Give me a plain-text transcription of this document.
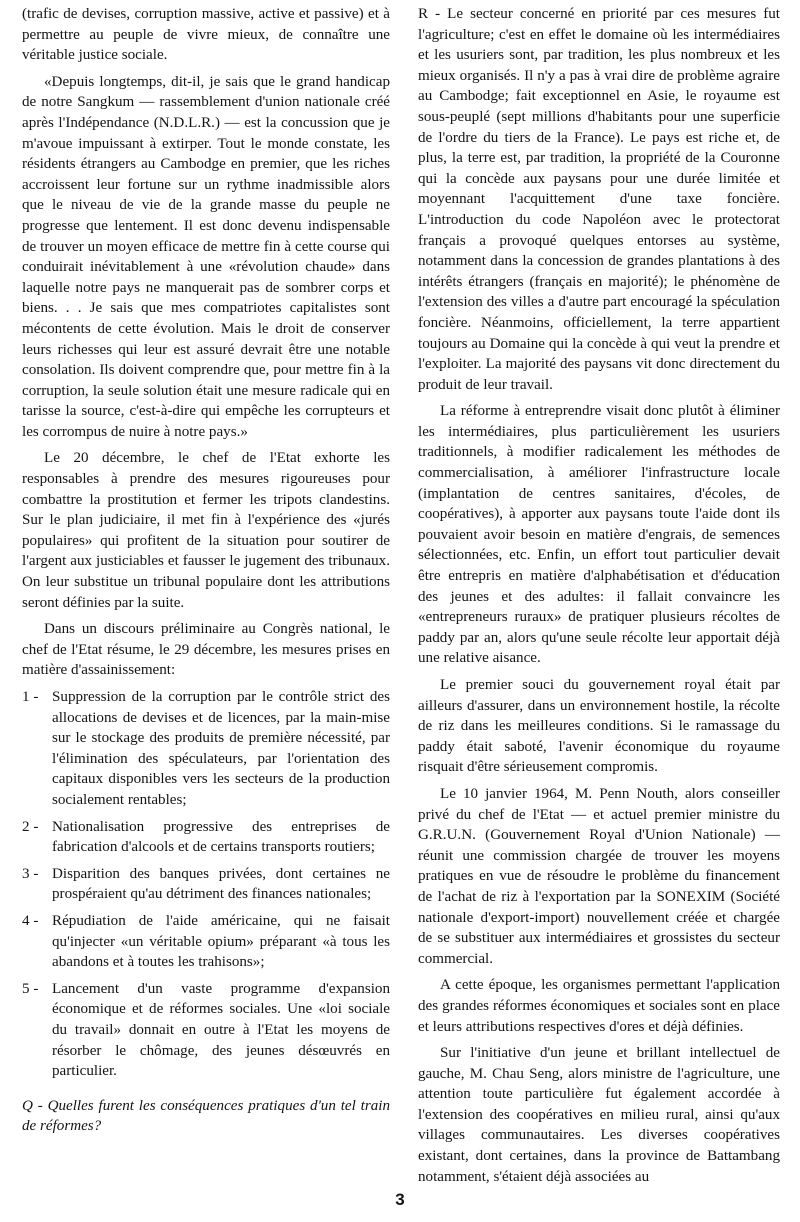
(trafic de devises, corruption massive, active et passive) et à permettre au peuple de vivre mieux, de connaître une véritable justice sociale.

«Depuis longtemps, dit-il, je sais que le grand handicap de notre Sangkum — rassemblement d'union nationale créé après l'Indépendance (N.D.L.R.) — est la concussion que je m'avoue impuissant à extirper. Tout le monde constate, les résidents étrangers au Cambodge en premier, que les riches accroissent leur fortune sur un rythme inadmissible alors que le niveau de vie de la grande masse du peuple ne progresse que lentement. Il est donc devenu indispensable de trouver un moyen efficace de mettre fin à cette course qui conduirait inévitablement à une «révolution chaude» dans laquelle notre pays ne manquerait pas de sombrer corps et biens. . . Je sais que mes compatriotes capitalistes sont mécontents de cette évolution. Mais le droit de conserver leurs richesses qui leur est assuré devrait être une notable consolation. Ils doivent comprendre que, pour mettre fin à la corruption, la seule solution était une mesure radicale qui en tarisse la source, c'est-à-dire qui empêche les corrupteurs et les corrompus de nuire à notre pays.»

Le 20 décembre, le chef de l'Etat exhorte les responsables à prendre des mesures rigoureuses pour combattre la prostitution et fermer les tripots clandestins. Sur le plan judiciaire, il met fin à l'expérience des «jurés populaires» qui profitent de la situation pour soutirer de l'argent aux justiciables et fausser le jugement des tribunaux. On leur substitue un tribunal populaire dont les attributions seront définies par la suite.

Dans un discours préliminaire au Congrès national, le chef de l'Etat résume, le 29 décembre, les mesures prises en matière d'assainissement:

1 - Suppression de la corruption par le contrôle strict des allocations de devises et de licences, par la main-mise sur le stockage des produits de première nécessité, par l'élimination des spéculateurs, par l'orientation des capitaux disponibles vers les secteurs de la production socialement rentables;
2 - Nationalisation progressive des entreprises de fabrication d'alcools et de certains transports routiers;
3 - Disparition des banques privées, dont certaines ne prospéraient qu'au détriment des finances nationales;
4 - Répudiation de l'aide américaine, qui ne faisait qu'injecter «un véritable opium» préparant «à tous les abandons et à toutes les trahisons»;
5 - Lancement d'un vaste programme d'expansion économique et de réformes sociales. Une «loi sociale du travail» donnait en outre à l'Etat les moyens de résorber le chômage, des jeunes désœuvrés en particulier.

Q - Quelles furent les conséquences pratiques d'un tel train de réformes?

R - Le secteur concerné en priorité par ces mesures fut l'agriculture; c'est en effet le domaine où les intermédiaires et les usuriers sont, par tradition, les plus nombreux et les mieux organisés. Il n'y a pas à vrai dire de problème agraire au Cambodge; fait exceptionnel en Asie, le royaume est sous-peuplé (sept millions d'habitants pour une superficie de l'ordre du tiers de la France). Le pays est riche et, de plus, la terre est, par tradition, la propriété de la Couronne qui la concède aux paysans pour une durée limitée et moyennant l'acquittement d'une taxe foncière. L'introduction du code Napoléon avec le protectorat français a provoqué quelques entorses au système, notamment dans la concession de grandes plantations à des intérêts étrangers (français en majorité); le phénomène de l'extension des villes a d'autre part encouragé la spéculation foncière. Néanmoins, officiellement, la terre appartient toujours au Domaine qui la concède à qui veut la prendre et l'exploiter. La majorité des paysans vit donc directement du produit de leur travail.

La réforme à entreprendre visait donc plutôt à éliminer les intermédiaires, plus particulièrement les usuriers traditionnels, à modifier radicalement les méthodes de commercialisation, à améliorer l'infrastructure locale (implantation de centres sanitaires, d'écoles, de coopératives), à apporter aux paysans toute l'aide dont ils pouvaient avoir besoin en matière d'engrais, de semences sélectionnées, etc. Enfin, un effort tout particulier devait être entrepris en matière d'alphabétisation et d'éducation des jeunes et des adultes: il fallait convaincre les «entrepreneurs ruraux» de pratiquer plusieurs récoltes de paddy par an, alors qu'une seule récolte leur apportait déjà une relative aisance.

Le premier souci du gouvernement royal était par ailleurs d'assurer, dans un environnement hostile, la récolte de riz dans les meilleures conditions. Si le ramassage du paddy était saboté, l'avenir économique du royaume risquait d'être sérieusement compromis.

Le 10 janvier 1964, M. Penn Nouth, alors conseiller privé du chef de l'Etat — et actuel premier ministre du G.R.U.N. (Gouvernement Royal d'Union Nationale) — réunit une commission chargée de trouver les moyens pratiques en vue de résoudre le problème du financement de l'achat de riz à l'exportation par la SONEXIM (Société nationale d'export-import) nouvellement créée et chargée de se substituer aux intermédiaires et grossistes du secteur commercial.

A cette époque, les organismes permettant l'application des grandes réformes économiques et sociales sont en place et leurs attributions respectives d'ores et déjà définies.

Sur l'initiative d'un jeune et brillant intellectuel de gauche, M. Chau Seng, alors ministre de l'agriculture, une attention toute particulière fut également accordée à l'extension des coopératives en milieu rural, ainsi qu'aux villages communautaires. Les diverses coopératives existant, dont certaines, dans la province de Battambang notamment, s'étaient déjà associées au

3
